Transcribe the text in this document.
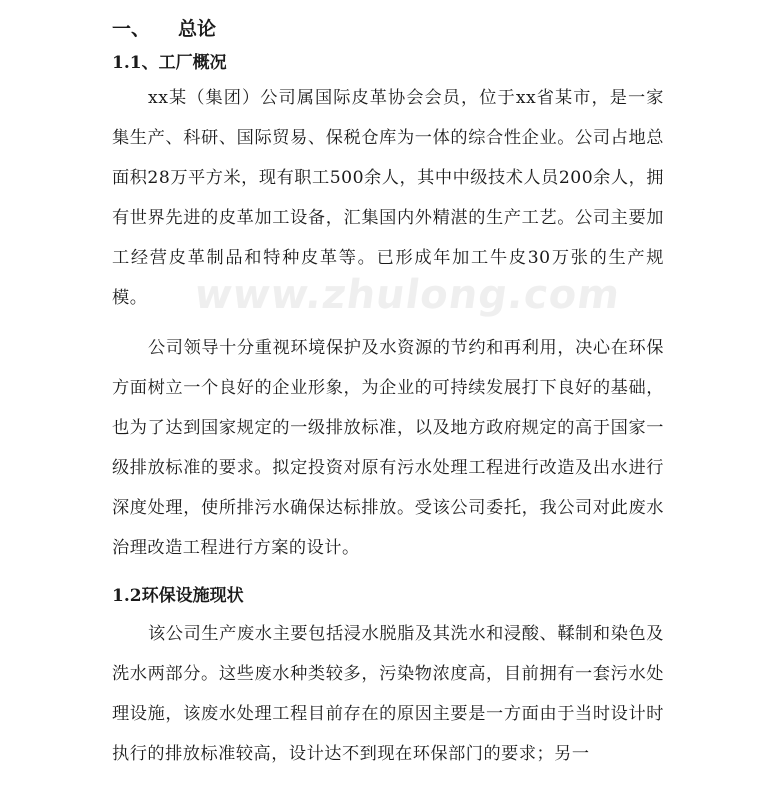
一、 总论
1.1、工厂概况

xx某（集团）公司属国际皮革协会会员，位于xx省某市，是一家集生产、科研、国际贸易、保税仓库为一体的综合性企业。公司占地总面积28万平方米，现有职工500余人，其中中级技术人员200余人，拥有世界先进的皮革加工设备，汇集国内外精湛的生产工艺。公司主要加工经营皮革制品和特种皮革等。已形成年加工牛皮30万张的生产规模。	www.zhulong.com

公司领导十分重视环境保护及水资源的节约和再利用，决心在环保方面树立一个良好的企业形象，为企业的可持续发展打下良好的基础，也为了达到国家规定的一级排放标准，以及地方政府规定的高于国家一级排放标准的要求。拟定投资对原有污水处理工程进行改造及出水进行深度处理，使所排污水确保达标排放。受该公司委托，我公司对此废水治理改造工程进行方案的设计。

1.2环保设施现状

该公司生产废水主要包括浸水脱脂及其洗水和浸酸、鞣制和染色及洗水两部分。这些废水种类较多，污染物浓度高，目前拥有一套污水处理设施，该废水处理工程目前存在的原因主要是一方面由于当时设计时执行的排放标准较高，设计达不到现在环保部门的要求；另一
